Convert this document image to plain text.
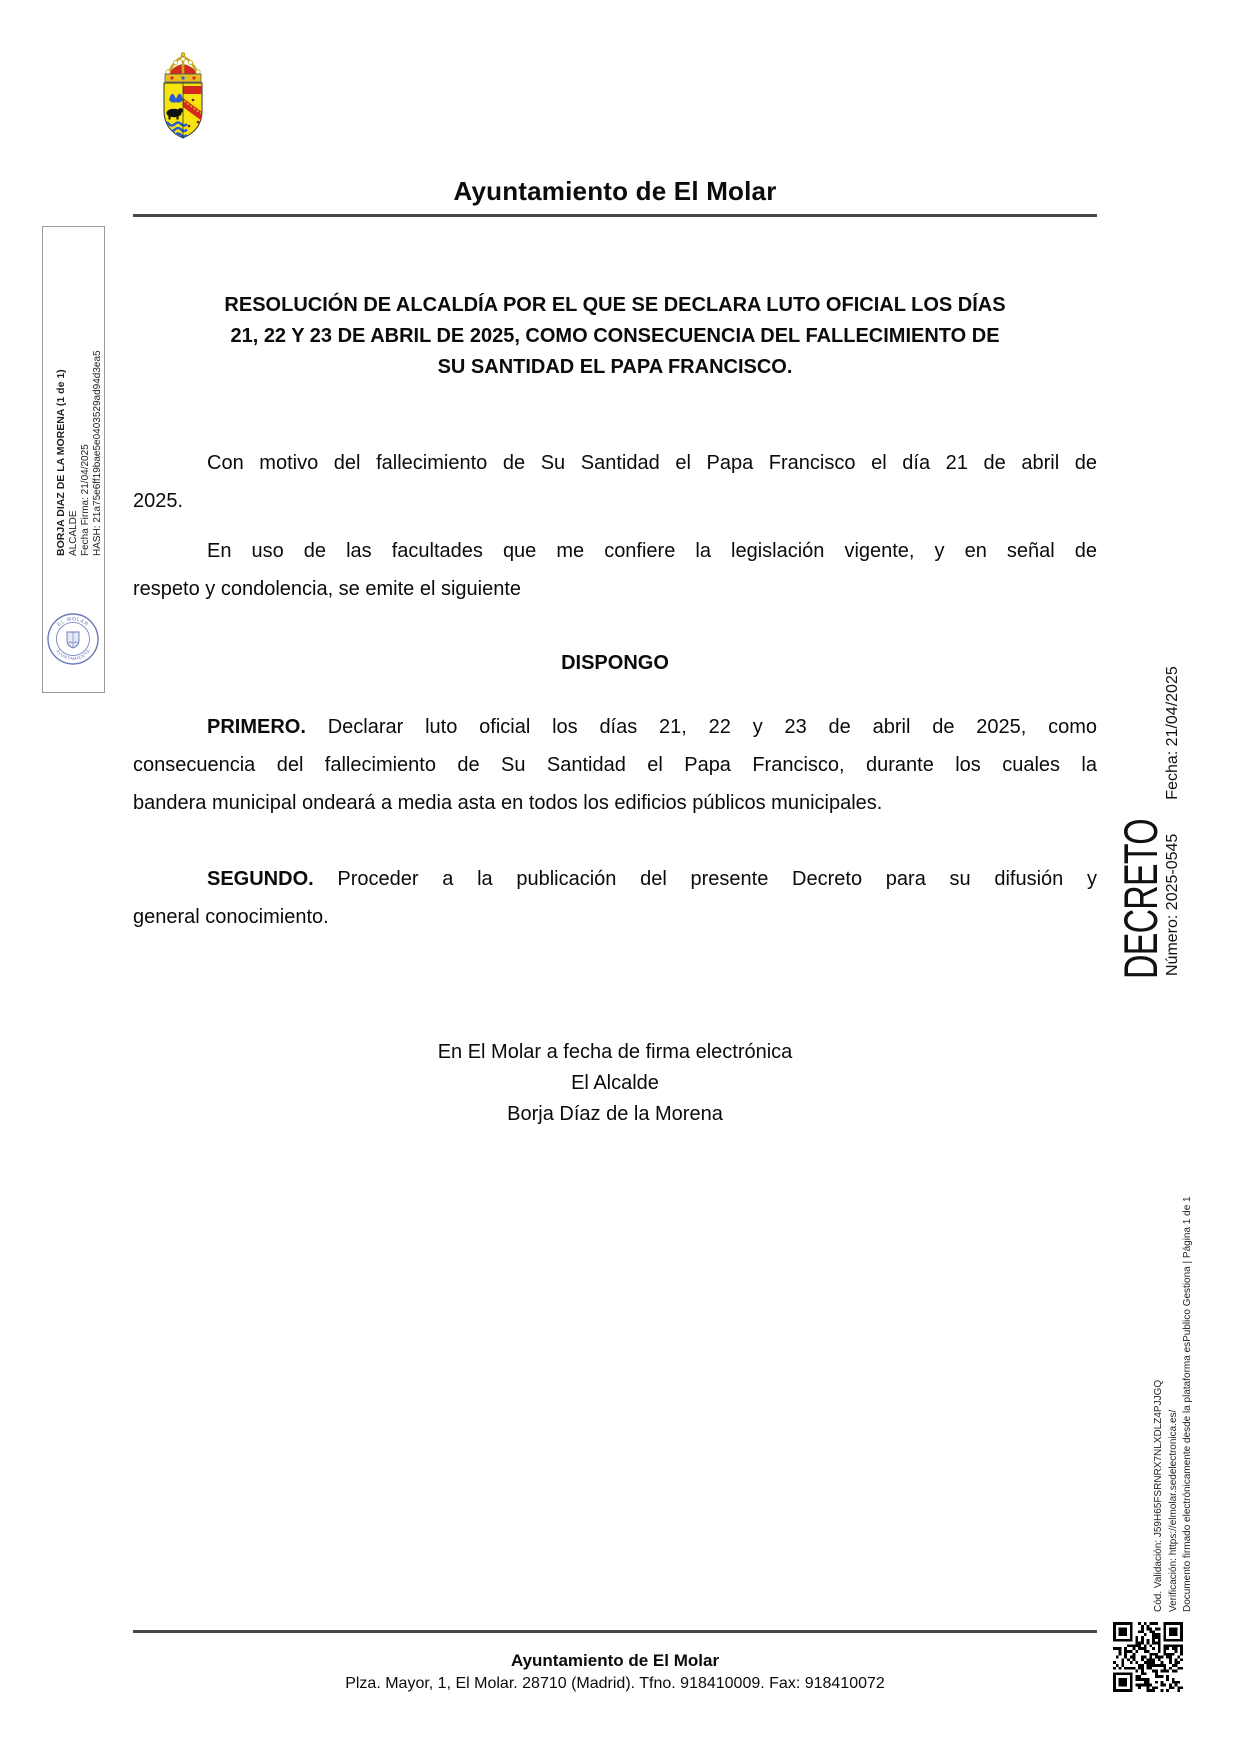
Ayuntamiento de El Molar
BORJA DIAZ DE LA MORENA (1 de 1) ALCALDE Fecha Firma: 21/04/2025 HASH: 21a75e6ff19bae5e0403529ad94d3ea5
EL MOLAR
AYUNTAMIENTO
RESOLUCIÓN DE ALCALDÍA POR EL QUE SE DECLARA LUTO OFICIAL LOS DÍAS
21, 22 Y 23 DE ABRIL DE 2025, COMO CONSECUENCIA DEL FALLECIMIENTO DE
SU SANTIDAD EL PAPA FRANCISCO.
Con motivo del fallecimiento de Su Santidad el Papa Francisco el día 21 de abril de
2025.
En uso de las facultades que me confiere la legislación vigente, y en señal de
respeto y condolencia, se emite el siguiente
DISPONGO
PRIMERO. Declarar luto oficial los días 21, 22 y 23 de abril de 2025, como
consecuencia del fallecimiento de Su Santidad el Papa Francisco, durante los cuales la
bandera municipal ondeará a media asta en todos los edificios públicos municipales.
SEGUNDO. Proceder a la publicación del presente Decreto para su difusión y
general conocimiento.
En El Molar a fecha de firma electrónica
El Alcalde
Borja Díaz de la Morena
DECRETO
Número: 2025-0545Fecha: 21/04/2025
Cód. Validación: J59H65FSRNRX7NLXDLZ4PJJGQ Verificación: https://elmolar.sedelectronica.es/ Documento firmado electrónicamente desde la plataforma esPublico Gestiona | Página 1 de 1
Ayuntamiento de El Molar
Plza. Mayor, 1, El Molar. 28710 (Madrid). Tfno. 918410009. Fax: 918410072
